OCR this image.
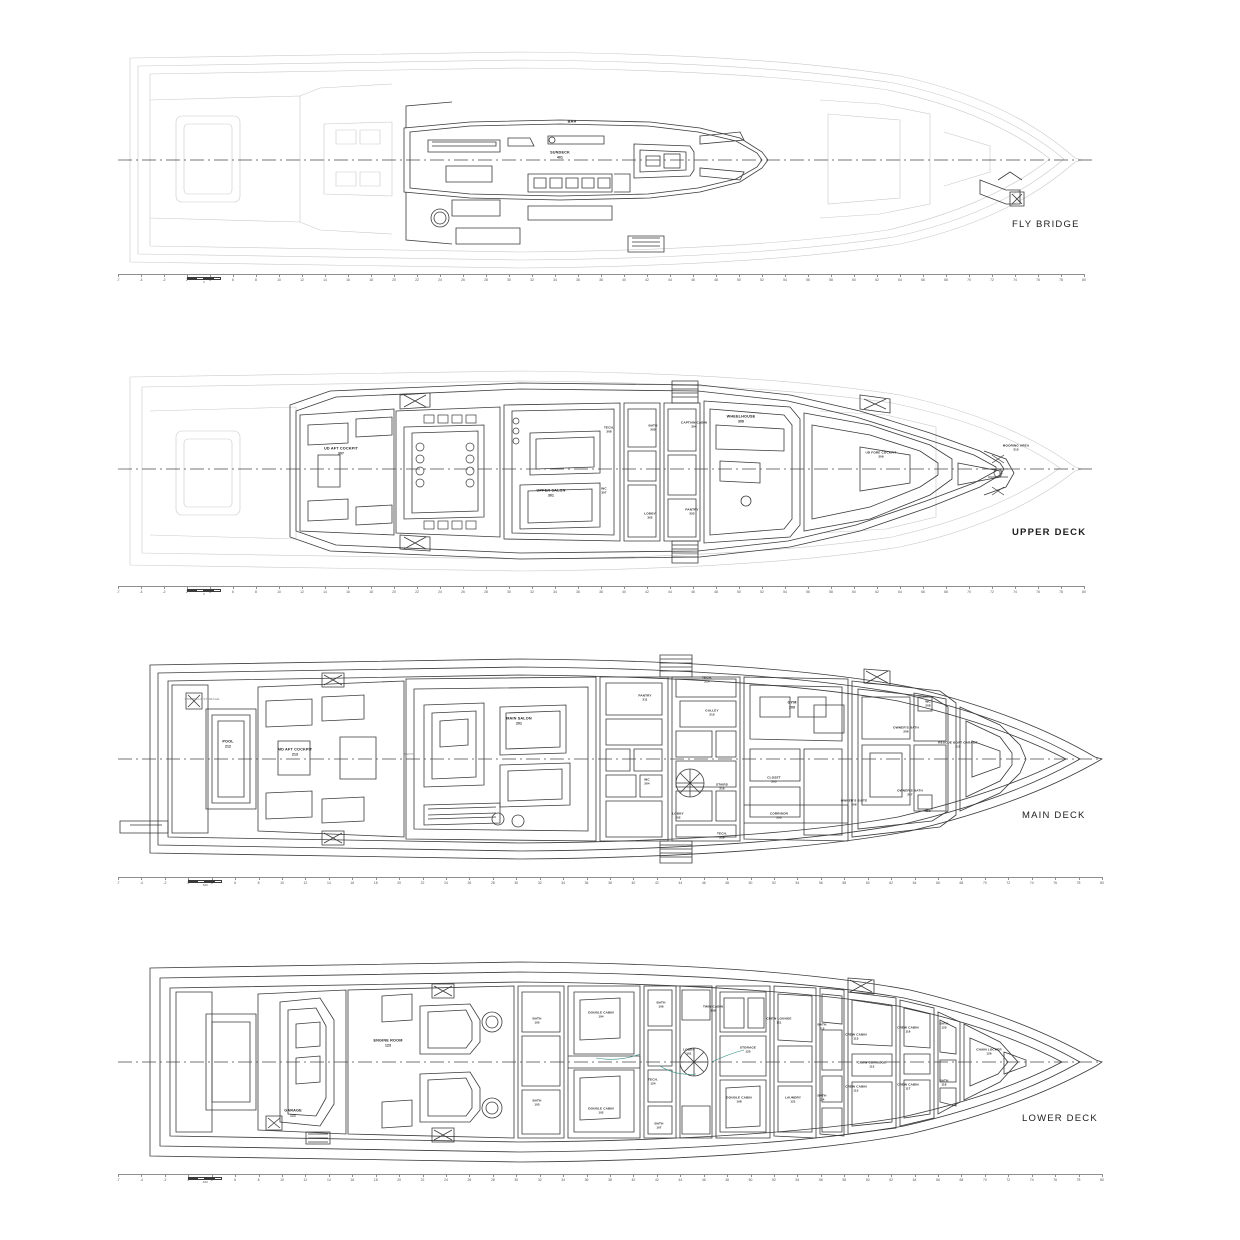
FLY BRIDGE
BAR
SUNDECK
401
UPPER DECK
UD AFT COCKPIT
307
UPPER SALON
301
TECH.
308
WC
307
BATH
305
CAPTAIN CABIN
304
WHEELHOUSE
306
LOBBY
302
PANTRY
303
UD FORE COCKPIT
309
MOORING AREA
310
MAIN DECK
POOL
212
MD AFT COCKPIT
213
UMBRELLA STORAGE
MAIN SALON
201
PANTRY
211
TECH.
214
GALLEY
210
GYM
209
WC
208
OWNER'S BATH
206
RESCUE BOAT GARAGE
215
WC
204
LOBBY
202
STAIRS
216
CLOSET
205
CORRIDOR
203
OWNER'S SUITE
206
OWNER'S BATH
207
WC
TECH.
219
TECH.
LOWER DECK
GARAGE
122
ENGINE ROOM
123
BATH
105
BATH
103
DOUBLE CABIN
104
DOUBLE CABIN
102
BATH
106
TECH.
124
BATH
107
LOBBY
101
TWIN CABIN
109
DOUBLE CABIN
108
STORAGE
125
CREW LOUNGE
111
LAUNDRY
121
BATH
110
BATH
114
CREW CABIN
113
CREW CABIN
115
CREW CORRIDOR
112
CREW CABIN
116
CREW CABIN
117
BATH
120
BATH
118
CHAIN LOCKER
126
-7	-4	-2	2	4	6	8	10	12	14	16	18	20	22	24	26	28	30	32	34	36	38	40	42	44	46	48	50	52	54	56	58	60	62	64	66	68	70	72	74	76	78	80
2
-7	-4	-2	2	4	6	8	10	12	14	16	18	20	22	24	26	28	30	32	34	36	38	40	42	44	46	48	50	52	54	56	58	60	62	64	66	68	70	72	74	76	78	80
2
-7	-4	-2	2	4	6	8	10	12	14	16	18	20	22	24	26	28	30	32	34	36	38	40	42	44	46	48	50	52	54	56	58	60	62	64	66	68	70	72	74	76	78	80
400
-7	-4	-2	2	4	6	8	10	12	14	16	18	20	22	24	26	28	30	32	34	36	38	40	42	44	46	48	50	52	54	56	58	60	62	64	66	68	70	72	74	76	78	80
400
